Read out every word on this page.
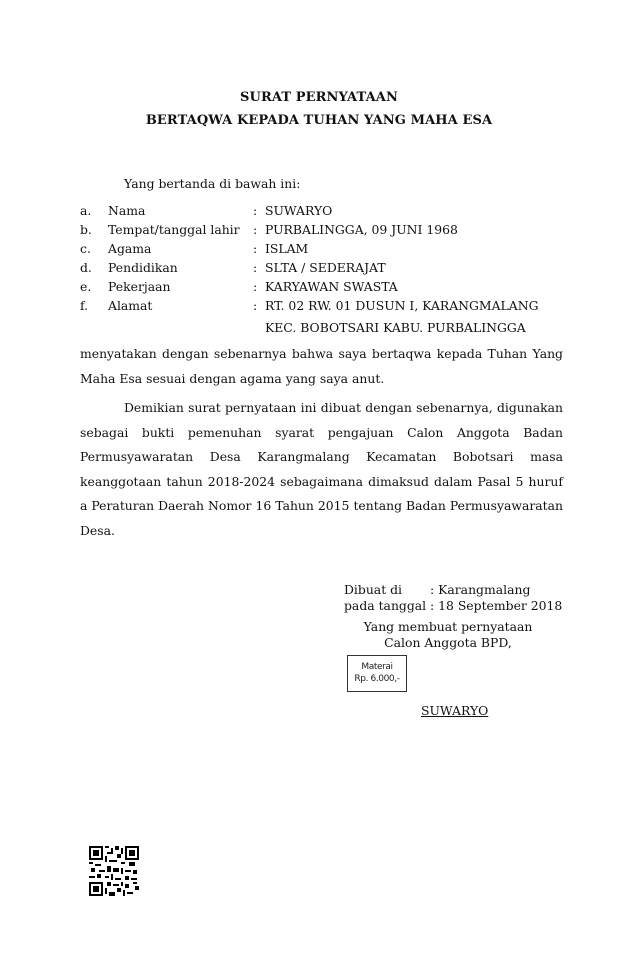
SURAT PERNYATAAN
BERTAQWA KEPADA TUHAN YANG MAHA ESA
Yang bertanda di bawah ini:
a. Nama	: SUWARYO
b. Tempat/tanggal lahir : PURBALINGGA, 09 JUNI 1968
c. Agama	: ISLAM
d. Pendidikan	: SLTA / SEDERAJAT
e. Pekerjaan	: KARYAWAN SWASTA
f. Alamat	: RT. 02 RW. 01 DUSUN I, KARANGMALANG
KEC. BOBOTSARI KABU. PURBALINGGA

menyatakan dengan sebenarnya bahwa saya bertaqwa kepada Tuhan Yang Maha Esa sesuai dengan agama yang saya anut.

Demikian surat pernyataan ini dibuat dengan sebenarnya, digunakan sebagai bukti pemenuhan syarat pengajuan Calon Anggota Badan Permusyawaratan Desa Karangmalang Kecamatan Bobotsari masa keanggotaan tahun 2018-2024 sebagaimana dimaksud dalam Pasal 5 huruf a Peraturan Daerah Nomor 16 Tahun 2015 tentang Badan Permusyawaratan Desa.

Dibuat di : Karangmalang
pada tanggal : 18 September 2018
Yang membuat pernyataan
Calon Anggota BPD,
Materai
Rp. 6.000,-
SUWARYO
